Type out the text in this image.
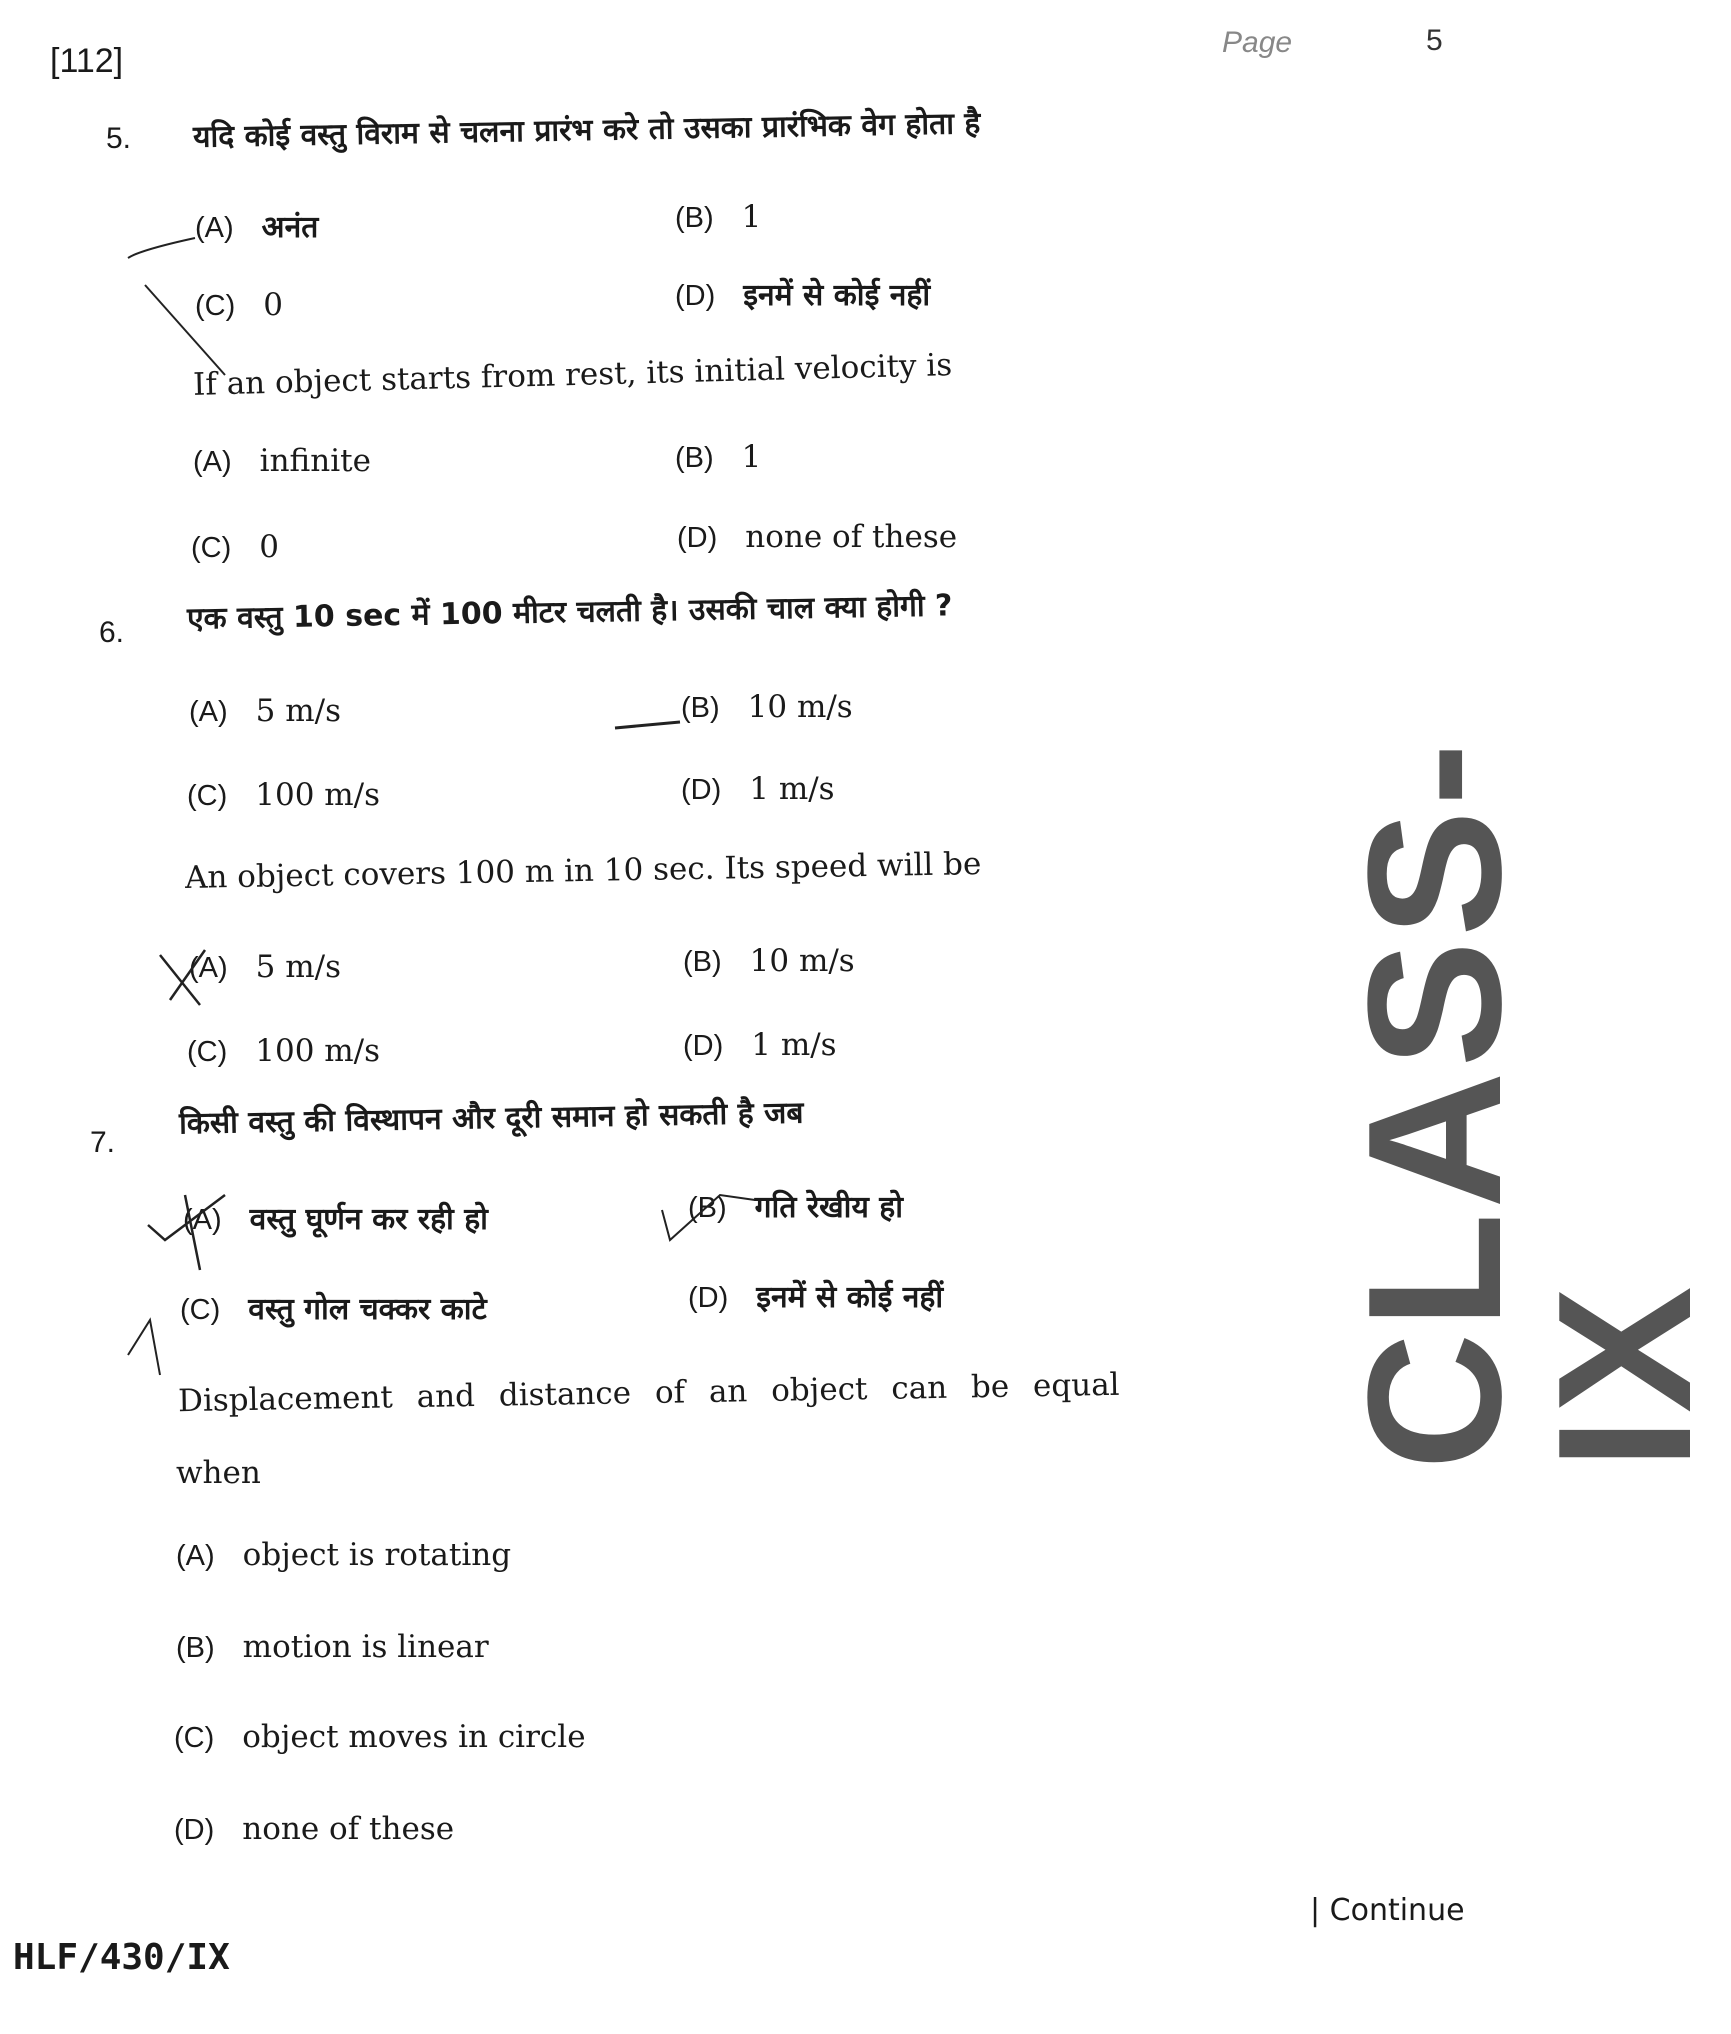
[112]	Page	5
5. यदि कोई वस्तु विराम से चलना प्रारंभ करे तो उसका प्रारंभिक वेग होता है
(A) अनंत	(B) 1
(C) 0	(D) इनमें से कोई नहीं
If an object starts from rest, its initial velocity is
(A) infinite	(B) 1
(C) 0	(D) none of these
6. एक वस्तु 10 sec में 100 मीटर चलती है। उसकी चाल क्या होगी ?
(A) 5 m/s	(B) 10 m/s
(C) 100 m/s	(D) 1 m/s
An object covers 100 m in 10 sec. Its speed will be
(A) 5 m/s	(B) 10 m/s
(C) 100 m/s	(D) 1 m/s
7.
किसी वस्तु की विस्थापन और दूरी समान हो सकती है जब
(A) वस्तु घूर्णन कर रही हो	(B) गति रेखीय हो
(C) वस्तु गोल चक्कर काटे	(D) इनमें से कोई नहीं
Displacement and distance of an object can be equal
when
(A) object is rotating
(B) motion is linear
(C) object moves in circle
(D) none of these
CLASS-IX
HLF/430/IX
| Continue
